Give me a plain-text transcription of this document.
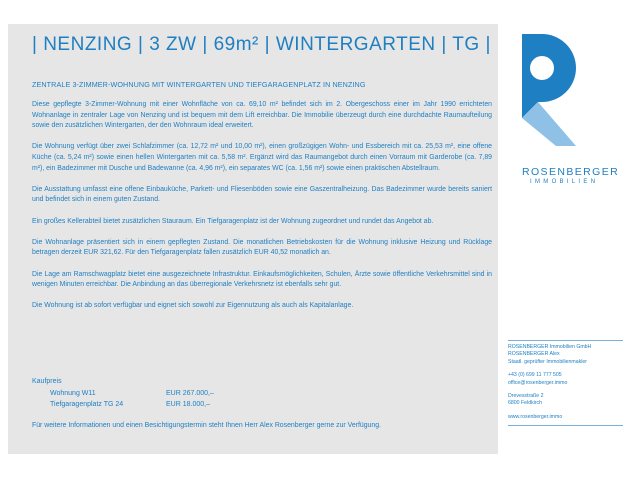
| NENZING | 3 ZW | 69m² | WINTERGARTEN | TG |
ZENTRALE 3-ZIMMER-WOHNUNG MIT WINTERGARTEN UND TIEFGARAGENPLATZ IN NENZING

Diese gepflegte 3-Zimmer-Wohnung mit einer Wohnfläche von ca. 69,10 m² befindet sich im 2. Obergeschoss einer im Jahr 1990 errichteten Wohnanlage in zentraler Lage von Nenzing und ist bequem mit dem Lift erreichbar. Die Immobilie überzeugt durch eine durchdachte Raumaufteilung sowie den zusätzlichen Wintergarten, der den Wohnraum ideal erweitert.

Die Wohnung verfügt über zwei Schlafzimmer (ca. 12,72 m² und 10,00 m²), einen großzügigen Wohn- und Essbereich mit ca. 25,53 m², eine offene Küche (ca. 5,24 m²) sowie einen hellen Wintergarten mit ca. 5,58 m². Ergänzt wird das Raumangebot durch einen Vorraum mit Garderobe (ca. 7,89 m²), ein Badezimmer mit Dusche und Badewanne (ca. 4,96 m²), ein separates WC (ca. 1,56 m²) sowie einen praktischen Abstellraum.

Die Ausstattung umfasst eine offene Einbauküche, Parkett- und Fliesenböden sowie eine Gaszentralheizung. Das Badezimmer wurde bereits saniert und befindet sich in einem guten Zustand.

Ein großes Kellerabteil bietet zusätzlichen Stauraum. Ein Tiefgaragenplatz ist der Wohnung zugeordnet und rundet das Angebot ab.

Die Wohnanlage präsentiert sich in einem gepflegten Zustand. Die monatlichen Betriebskosten für die Wohnung inklusive Heizung und Rücklage betragen derzeit EUR 321,62. Für den Tiefgaragenplatz fallen zusätzlich EUR 40,52 monatlich an.

Die Lage am Ramschwagplatz bietet eine ausgezeichnete Infrastruktur. Einkaufsmöglichkeiten, Schulen, Ärzte sowie öffentliche Verkehrsmittel sind in wenigen Minuten erreichbar. Die Anbindung an das überregionale Verkehrsnetz ist ebenfalls sehr gut.

Die Wohnung ist ab sofort verfügbar und eignet sich sowohl zur Eigennutzung als auch als Kapitalanlage.

Kaufpreis
Wohnung W11	EUR 267.000,–
Tiefgaragenplatz TG 24	EUR 18.000,–
Für weitere Informationen und einen Besichtigungstermin steht Ihnen Herr Alex Rosenberger gerne zur Verfügung.
ROSENBERGER
IMMOBILIEN
ROSENBERGER Immobilien GmbH
ROSENBERGER Alex
Staatl. geprüfter Immobilienmakler
+43 (0) 699 11 777 505
office@rosenberger.immo
Drevesstraße 2
6800 Feldkirch
www.rosenberger.immo
